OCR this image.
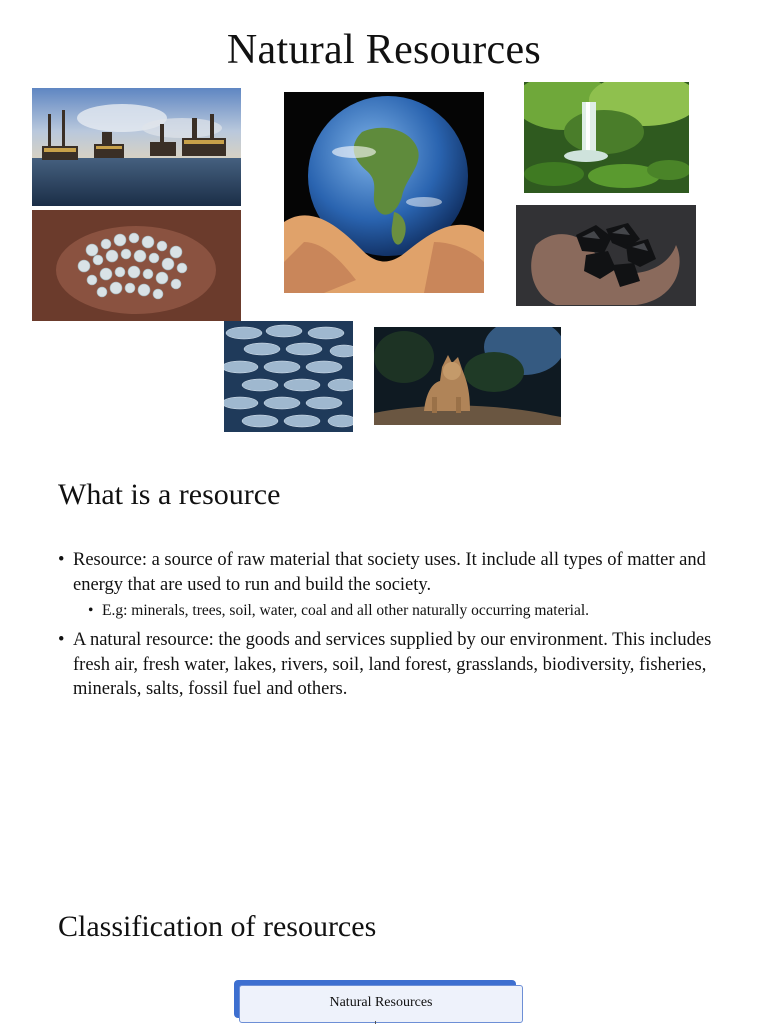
Natural Resources
What is a resource
• Resource: a source of raw material that society uses. It include all types of matter and energy that are used to run and build the society.
• E.g: minerals, trees, soil, water, coal and all other naturally occurring material.
• A natural resource: the goods and services supplied by our environment. This includes fresh air, fresh water, lakes, rivers, soil, land forest, grasslands, biodiversity, fisheries, minerals, salts, fossil fuel and others.
Classification of resources
Natural Resources
